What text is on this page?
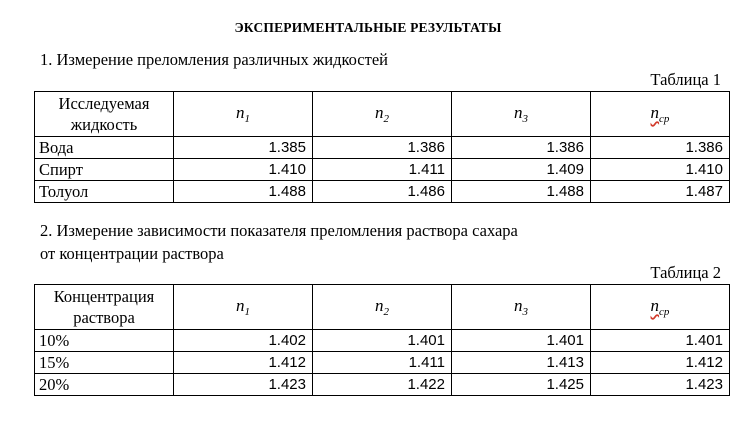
ЭКСПЕРИМЕНТАЛЬНЫЕ РЕЗУЛЬТАТЫ
1. Измерение преломления различных жидкостей
Таблица 1
Исследуемая
жидкость	$n_1$	$n_2$	$n_3$	$n_{ср}$
Вода	1.385	1.386	1.386	1.386
Спирт	1.410	1.411	1.409	1.410
Толуол	1.488	1.486	1.488	1.487
2. Измерение зависимости показателя преломления раствора сахара
от концентрации раствора
Таблица 2
Концентрация
раствора	$n_1$	$n_2$	$n_3$	$n_{ср}$
10%	1.402	1.401	1.401	1.401
15%	1.412	1.411	1.413	1.412
20%	1.423	1.422	1.425	1.423
